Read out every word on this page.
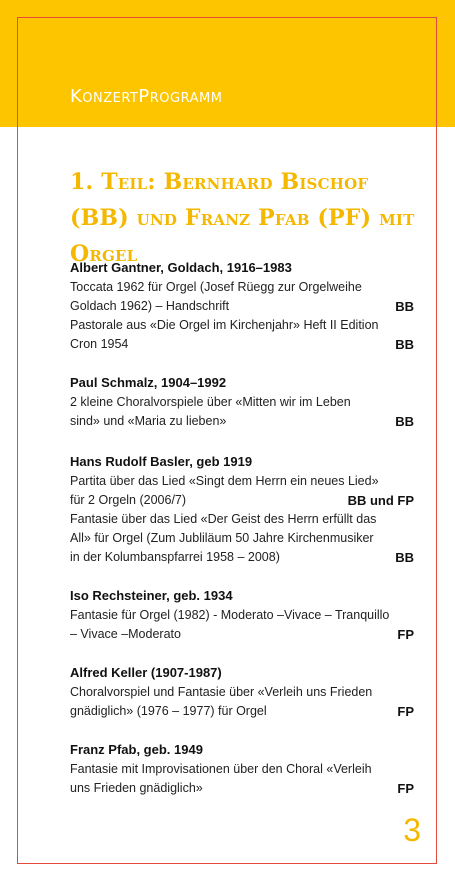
KonzertProgramm
1. Teil: Bernhard Bischof (BB) und Franz Pfab (PF) mit Orgel
Albert Gantner, Goldach, 1916–1983
Toccata 1962 für Orgel (Josef Rüegg zur Orgelweihe
Goldach 1962) – Handschrift	BB
Pastorale aus «Die Orgel im Kirchenjahr» Heft II Edition
Cron 1954	BB
Paul Schmalz, 1904–1992
2 kleine Choralvorspiele über «Mitten wir im Leben
sind» und «Maria zu lieben»	BB
Hans Rudolf Basler, geb 1919
Partita über das Lied «Singt dem Herrn ein neues Lied»
für 2 Orgeln (2006/7)	BB und FP
Fantasie über das Lied «Der Geist des Herrn erfüllt das
All» für Orgel (Zum Jubliläum 50 Jahre Kirchenmusiker
in der Kolumbanspfarrei 1958 – 2008)	BB
Iso Rechsteiner, geb. 1934
Fantasie für Orgel (1982) - Moderato –Vivace – Tranquillo
– Vivace –Moderato	FP
Alfred Keller (1907-1987)
Choralvorspiel und Fantasie über «Verleih uns Frieden
gnädiglich» (1976 – 1977) für Orgel	FP
Franz Pfab, geb. 1949
Fantasie mit Improvisationen über den Choral «Verleih
uns Frieden gnädiglich»	FP
3
